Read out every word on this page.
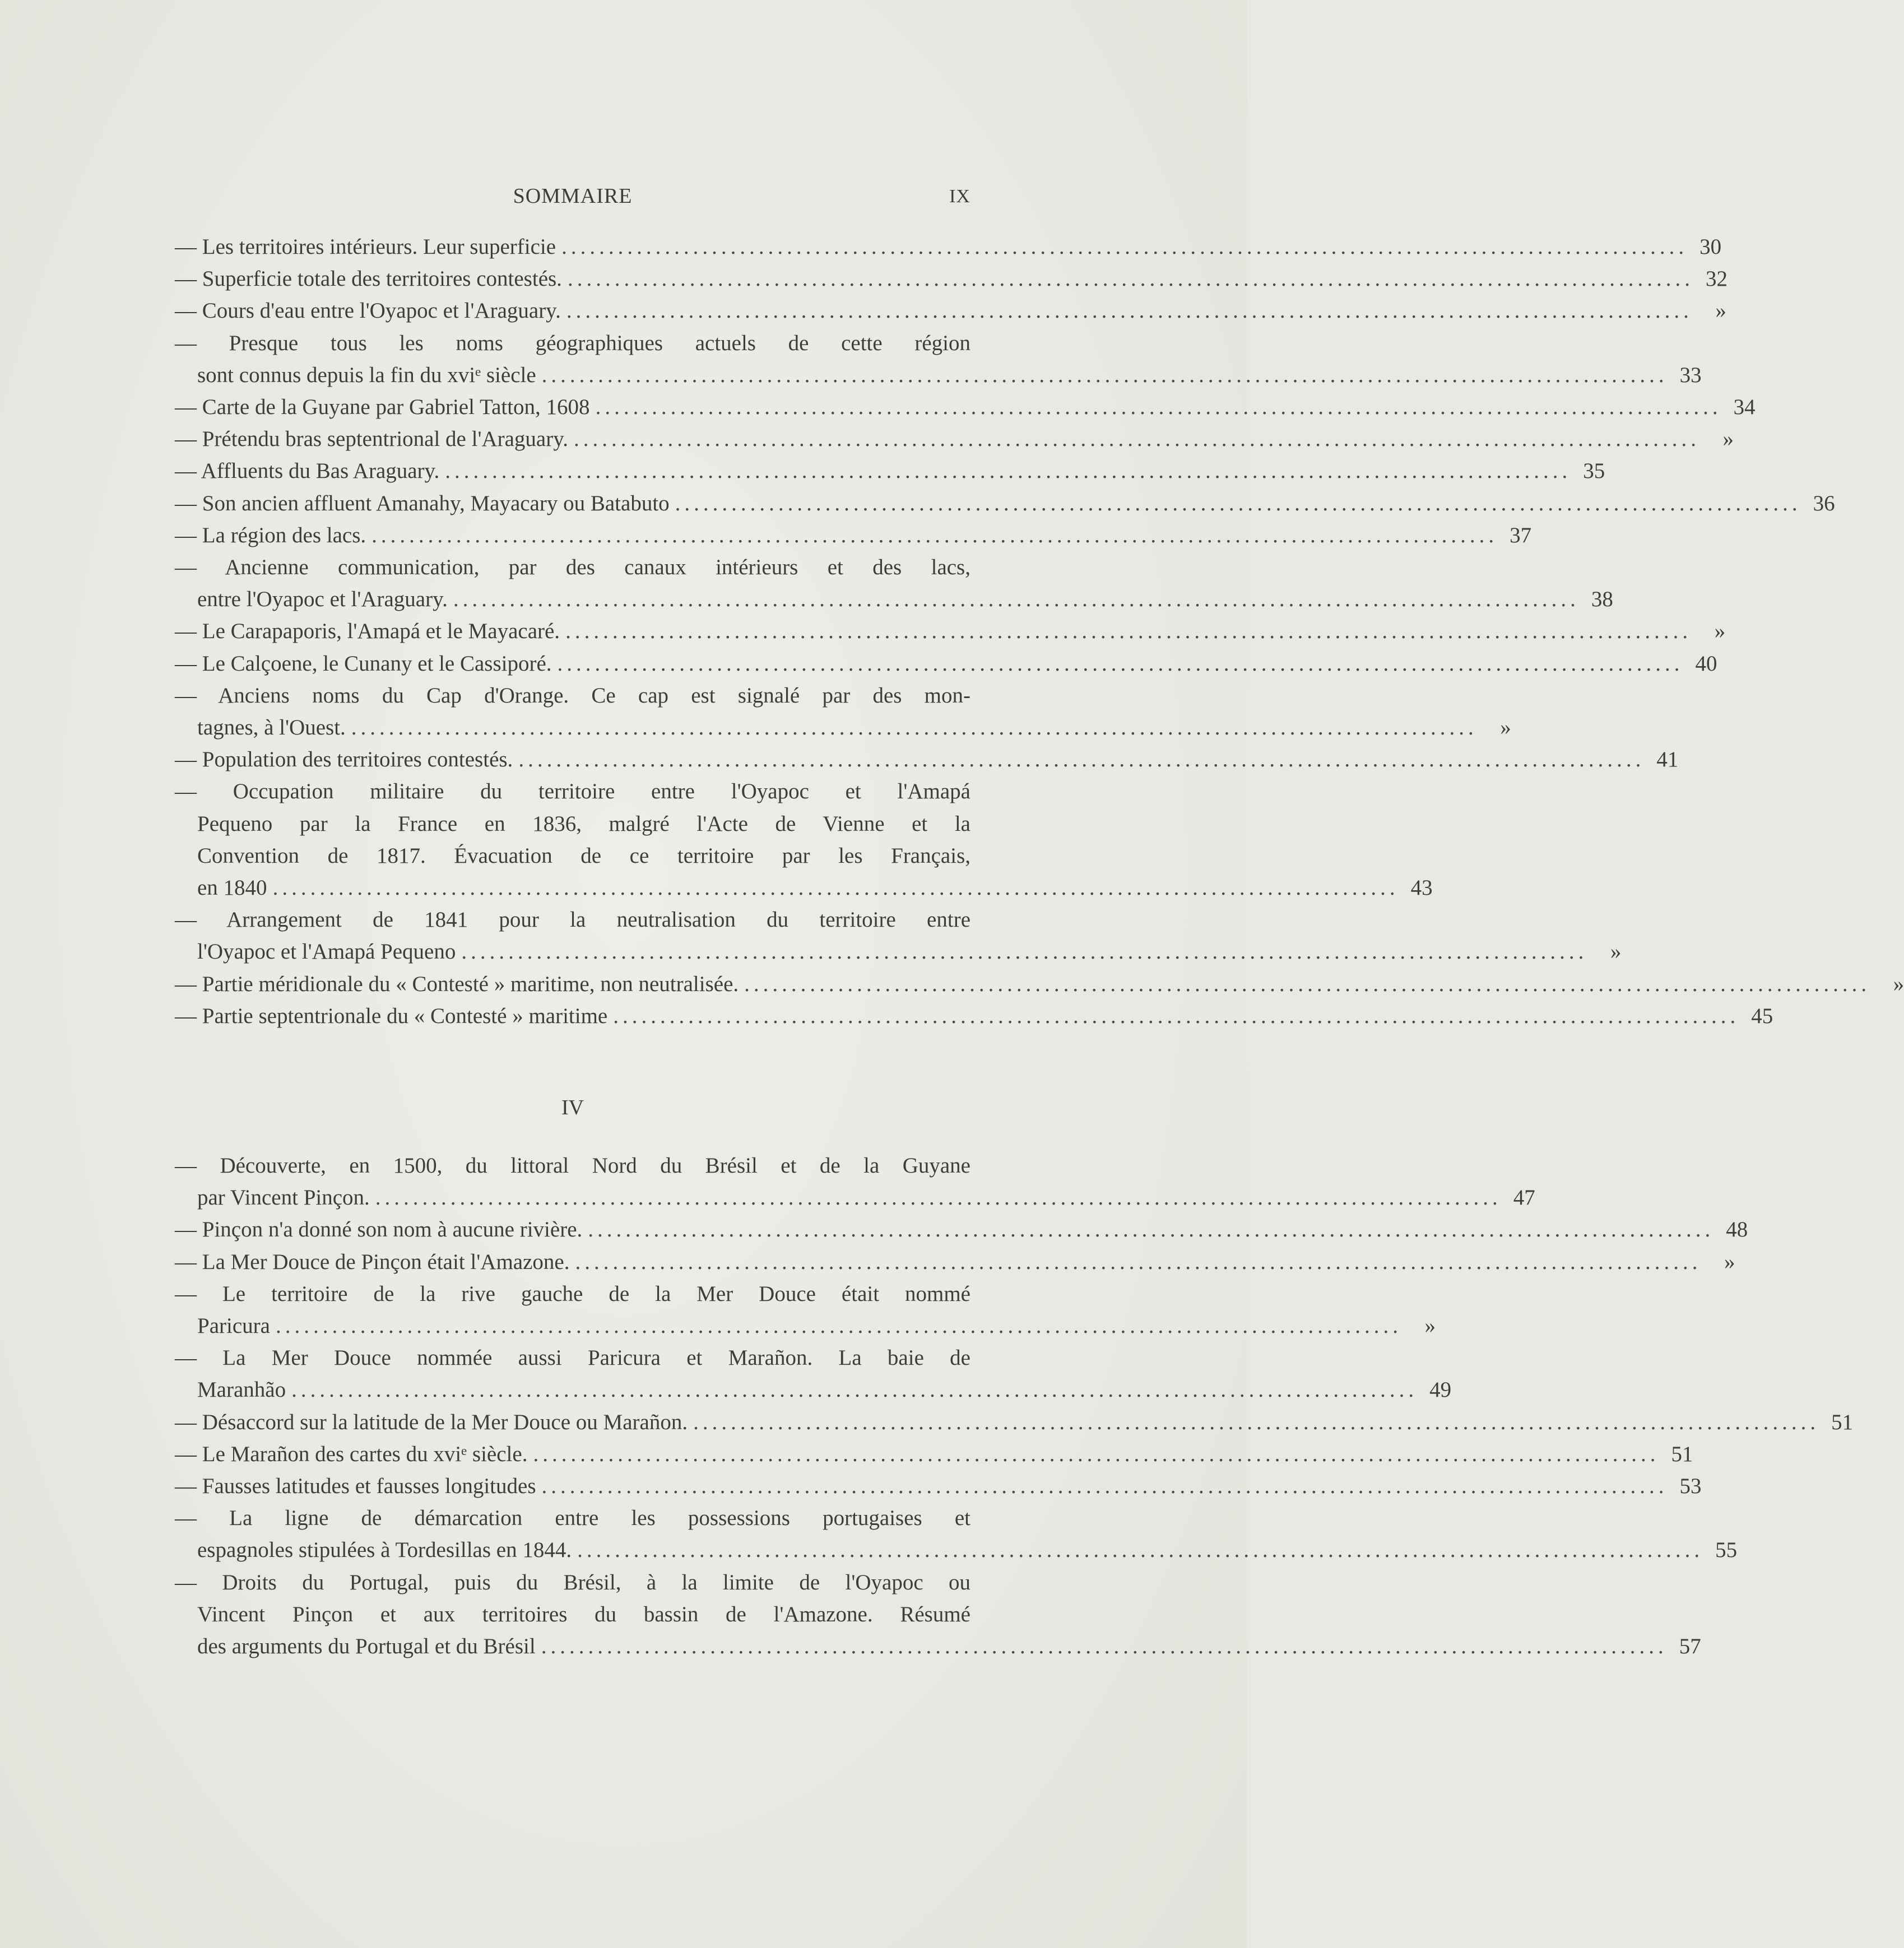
SOMMAIRE	IX
— Les territoires intérieurs. Leur superficie ........................................................................................................................ 30
— Superficie totale des territoires contestés. ........................................................................................................................ 32
— Cours d'eau entre l'Oyapoc et l'Araguary. ........................................................................................................................	»
— Presque tous les noms géographiques actuels de cette région
sont connus depuis la fin du xviᵉ siècle ........................................................................................................................ 33
— Carte de la Guyane par Gabriel Tatton, 1608 ........................................................................................................................ 34
— Prétendu bras septentrional de l'Araguary. ........................................................................................................................	»
— Affluents du Bas Araguary. ........................................................................................................................ 35
— Son ancien affluent Amanahy, Mayacary ou Batabuto ........................................................................................................................ 36
— La région des lacs. ........................................................................................................................ 37
— Ancienne communication, par des canaux intérieurs et des lacs,
entre l'Oyapoc et l'Araguary. ........................................................................................................................ 38
— Le Carapaporis, l'Amapá et le Mayacaré. ........................................................................................................................	»
— Le Calçoene, le Cunany et le Cassiporé. ........................................................................................................................ 40
— Anciens noms du Cap d'Orange. Ce cap est signalé par des mon-
tagnes, à l'Ouest. ........................................................................................................................	»
— Population des territoires contestés. ........................................................................................................................ 41
— Occupation militaire du territoire entre l'Oyapoc et l'Amapá
Pequeno par la France en 1836, malgré l'Acte de Vienne et la
Convention de 1817. Évacuation de ce territoire par les Français,
en 1840 ........................................................................................................................ 43
— Arrangement de 1841 pour la neutralisation du territoire entre
l'Oyapoc et l'Amapá Pequeno ........................................................................................................................	»
— Partie méridionale du « Contesté » maritime, non neutralisée. ........................................................................................................................	»
— Partie septentrionale du « Contesté » maritime ........................................................................................................................ 45
IV
— Découverte, en 1500, du littoral Nord du Brésil et de la Guyane
par Vincent Pinçon. ........................................................................................................................ 47
— Pinçon n'a donné son nom à aucune rivière. ........................................................................................................................ 48
— La Mer Douce de Pinçon était l'Amazone. ........................................................................................................................	»
— Le territoire de la rive gauche de la Mer Douce était nommé
Paricura ........................................................................................................................	»
— La Mer Douce nommée aussi Paricura et Marañon. La baie de
Maranhão ........................................................................................................................ 49
— Désaccord sur la latitude de la Mer Douce ou Marañon. ........................................................................................................................ 51
— Le Marañon des cartes du xviᵉ siècle. ........................................................................................................................ 51
— Fausses latitudes et fausses longitudes ........................................................................................................................ 53
— La ligne de démarcation entre les possessions portugaises et
espagnoles stipulées à Tordesillas en 1844. ........................................................................................................................ 55
— Droits du Portugal, puis du Brésil, à la limite de l'Oyapoc ou
Vincent Pinçon et aux territoires du bassin de l'Amazone. Résumé
des arguments du Portugal et du Brésil ........................................................................................................................ 57
